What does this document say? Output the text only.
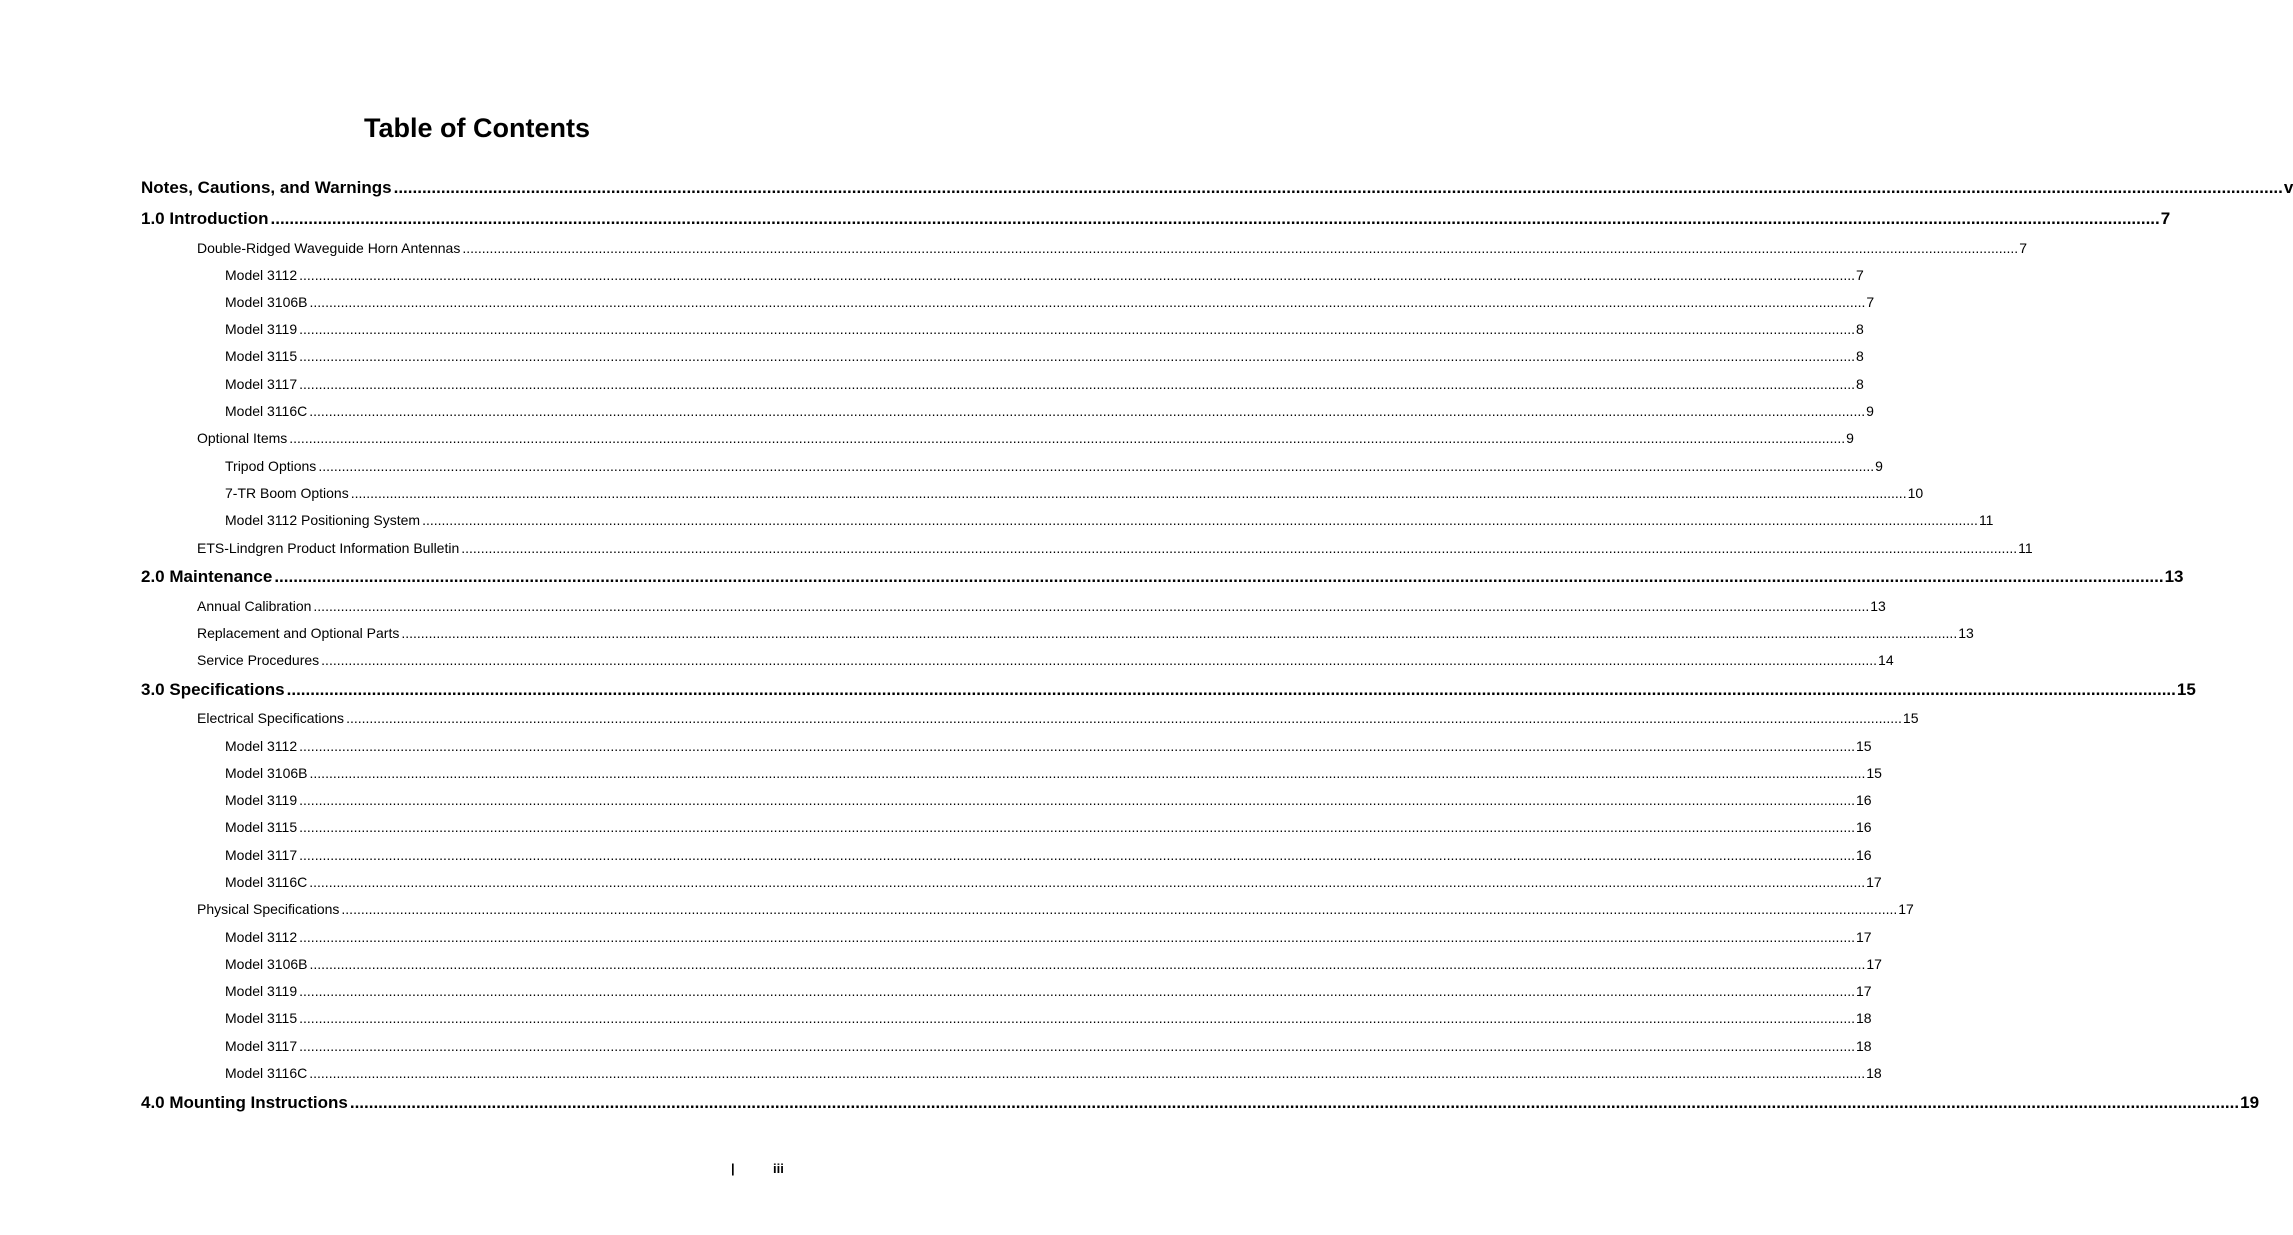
Table of Contents
Notes, Cautions, and Warnings ................................................................................................................................................................................................................................................................................................................................................................................................................ v
1.0 Introduction ................................................................................................................................................................................................................................................................................................................................................................................................................ 7
Double-Ridged Waveguide Horn Antennas ................................................................................................................................................................................................................................................................................................................................................................................................................ 7
Model 3112 ................................................................................................................................................................................................................................................................................................................................................................................................................ 7
Model 3106B ................................................................................................................................................................................................................................................................................................................................................................................................................ 7
Model 3119 ................................................................................................................................................................................................................................................................................................................................................................................................................ 8
Model 3115 ................................................................................................................................................................................................................................................................................................................................................................................................................ 8
Model 3117 ................................................................................................................................................................................................................................................................................................................................................................................................................ 8
Model 3116C ................................................................................................................................................................................................................................................................................................................................................................................................................ 9
Optional Items ................................................................................................................................................................................................................................................................................................................................................................................................................ 9
Tripod Options ................................................................................................................................................................................................................................................................................................................................................................................................................ 9
7-TR Boom Options ................................................................................................................................................................................................................................................................................................................................................................................................................ 10
Model 3112 Positioning System ................................................................................................................................................................................................................................................................................................................................................................................................................ 11
ETS-Lindgren Product Information Bulletin ................................................................................................................................................................................................................................................................................................................................................................................................................ 11
2.0 Maintenance ................................................................................................................................................................................................................................................................................................................................................................................................................ 13
Annual Calibration ................................................................................................................................................................................................................................................................................................................................................................................................................ 13
Replacement and Optional Parts ................................................................................................................................................................................................................................................................................................................................................................................................................ 13
Service Procedures ................................................................................................................................................................................................................................................................................................................................................................................................................ 14
3.0 Specifications ................................................................................................................................................................................................................................................................................................................................................................................................................ 15
Electrical Specifications ................................................................................................................................................................................................................................................................................................................................................................................................................ 15
Model 3112 ................................................................................................................................................................................................................................................................................................................................................................................................................ 15
Model 3106B ................................................................................................................................................................................................................................................................................................................................................................................................................ 15
Model 3119 ................................................................................................................................................................................................................................................................................................................................................................................................................ 16
Model 3115 ................................................................................................................................................................................................................................................................................................................................................................................................................ 16
Model 3117 ................................................................................................................................................................................................................................................................................................................................................................................................................ 16
Model 3116C ................................................................................................................................................................................................................................................................................................................................................................................................................ 17
Physical Specifications ................................................................................................................................................................................................................................................................................................................................................................................................................ 17
Model 3112 ................................................................................................................................................................................................................................................................................................................................................................................................................ 17
Model 3106B ................................................................................................................................................................................................................................................................................................................................................................................................................ 17
Model 3119 ................................................................................................................................................................................................................................................................................................................................................................................................................ 17
Model 3115 ................................................................................................................................................................................................................................................................................................................................................................................................................ 18
Model 3117 ................................................................................................................................................................................................................................................................................................................................................................................................................ 18
Model 3116C ................................................................................................................................................................................................................................................................................................................................................................................................................ 18
4.0 Mounting Instructions ................................................................................................................................................................................................................................................................................................................................................................................................................ 19
|	iii
